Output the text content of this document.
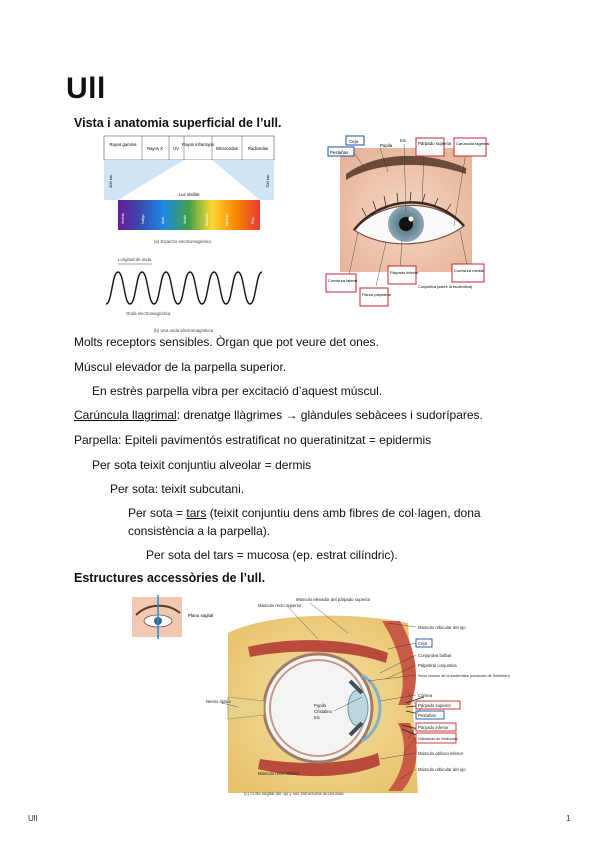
Ull
Vista i anatomia superficial de l’ull.
Rayos gamma
Rayos X UV
Rayos infrarrojos
Microondas Radiondas
Luz visible
400 nm	700 nm
Violeta	Índigo	Azul	Verde	Amarillo	Naranja	Rojo
(a) Espectro electromagnético
Longitud de onda
Onda electromagnética
(b) Una onda electromagnética
Ceja
Pestañas
Pupila
Iris
Párpado superior Carúncula lagrimal
Comisura lateral
Párpado inferior
Fisura palpebral
Conjuntiva (sobre la esclerótica)
Comisura medial
Molts receptors sensibles. Òrgan que pot veure det ones.
Múscul elevador de la parpella superior.
En estrès parpella vibra per excitació d’aquest múscul.
Carúncula llagrimal: drenatge llàgrimes → glàndules sebàcees i sudorípares.
Parpella: Epiteli pavimentós estratificat no queratinitzat = epidermis
Per sota teixit conjuntiu alveolar = dermis
Per sota: teixit subcutani.
Per sota = tars (teixit conjuntiu dens amb fibres de col·lagen, dona
consistència a la parpella).
Per sota del tars = mucosa (ep. estrat cilíndric).
Estructures accessòries de l’ull.
Plano sagital
Músculo recto superior
Nervio óptico
Músculo recto inferior
Músculo elevador del párpado superior
Pupila
Cristalino
Iris
Músculo orbicular del ojo
Ceja
Conjuntiva bulbar
Palpebral conjuntiva
Seno venoso de la esclerótica (conducto de Schlemm)
Córnea
Párpado superior
Pestañas
Párpado inferior
Glándulas de Meibomio
Músculo oblicuo inferior
Músculo orbicular del ojo
(c) Corte sagital del ojo y sus estructuras accesorias
Ull	1
